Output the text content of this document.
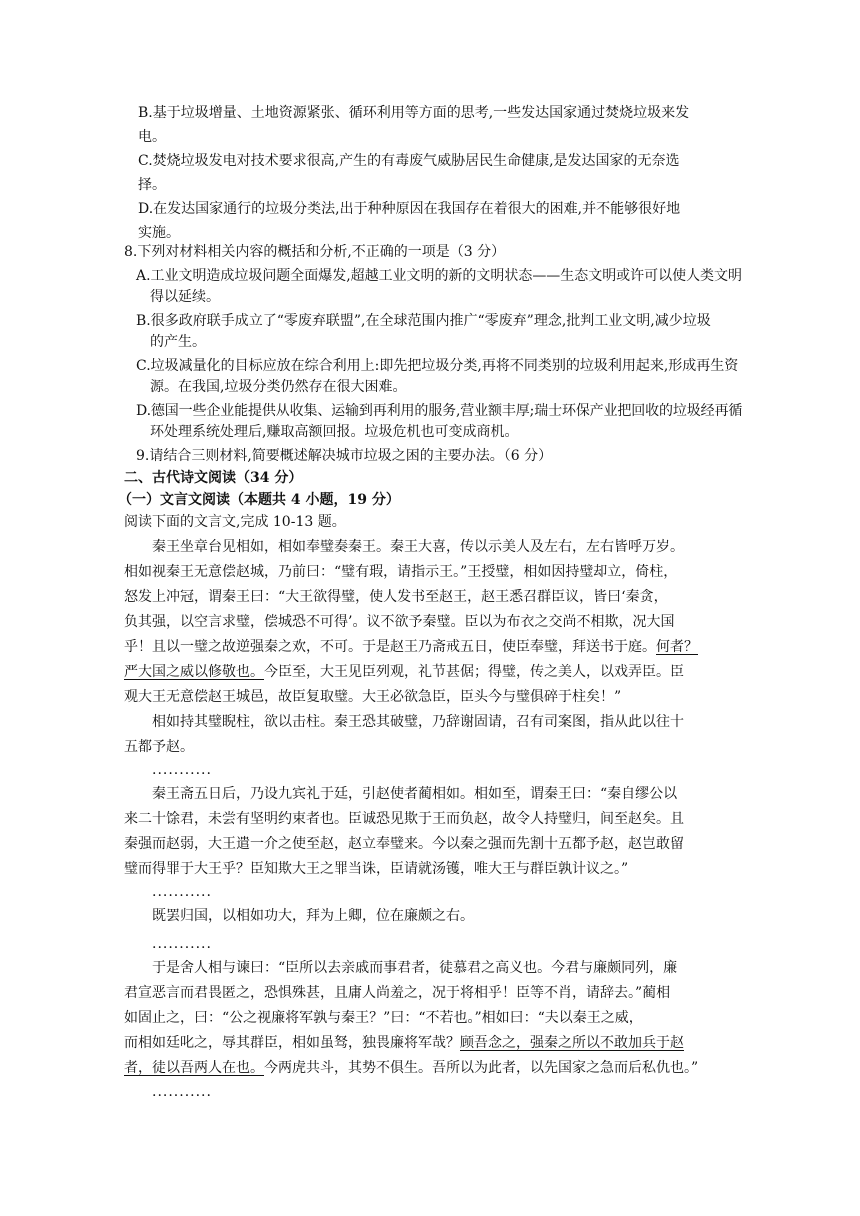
B.基于垃圾增量、土地资源紧张、循环利用等方面的思考,一些发达国家通过焚烧垃圾来发
电。
C.焚烧垃圾发电对技术要求很高,产生的有毒废气威胁居民生命健康,是发达国家的无奈选
择。
D.在发达国家通行的垃圾分类法,出于种种原因在我国存在着很大的困难,并不能够很好地
实施。
8.下列对材料相关内容的概括和分析,不正确的一项是（3 分）
A.工业文明造成垃圾问题全面爆发,超越工业文明的新的文明状态——生态文明或许可以使人类文明
得以延续。
B.很多政府联手成立了“零废弃联盟”,在全球范围内推广“零废弃”理念,批判工业文明,减少垃圾
的产生。
C.垃圾减量化的目标应放在综合利用上:即先把垃圾分类,再将不同类别的垃圾利用起来,形成再生资
源。在我国,垃圾分类仍然存在很大困难。
D.德国一些企业能提供从收集、运输到再利用的服务,营业额丰厚;瑞士环保产业把回收的垃圾经再循
环处理系统处理后,赚取高额回报。垃圾危机也可变成商机。
9.请结合三则材料,简要概述解决城市垃圾之困的主要办法。（6 分）
二、古代诗文阅读（34 分）
（一）文言文阅读（本题共 4 小题，19 分）
阅读下面的文言文,完成 10-13 题。
秦王坐章台见相如，相如奉璧奏秦王。秦王大喜，传以示美人及左右，左右皆呼万岁。
相如视秦王无意偿赵城，乃前曰：“璧有瑕，请指示王。”王授璧，相如因持璧却立，倚柱，
怒发上冲冠，谓秦王曰：“大王欲得璧，使人发书至赵王，赵王悉召群臣议，皆曰‘秦贪，
负其强，以空言求璧，偿城恐不可得’。议不欲予秦璧。臣以为布衣之交尚不相欺，况大国
乎！且以一璧之故逆强秦之欢，不可。于是赵王乃斋戒五日，使臣奉璧，拜送书于庭。何者？
严大国之威以修敬也。今臣至，大王见臣列观，礼节甚倨；得璧，传之美人，以戏弄臣。臣
观大王无意偿赵王城邑，故臣复取璧。大王必欲急臣，臣头今与璧俱碎于柱矣！”
相如持其璧睨柱，欲以击柱。秦王恐其破璧，乃辞谢固请，召有司案图，指从此以往十
五都予赵。
...........
秦王斋五日后，乃设九宾礼于廷，引赵使者蔺相如。相如至，谓秦王曰：“秦自缪公以
来二十馀君，未尝有坚明约束者也。臣诚恐见欺于王而负赵，故令人持璧归，间至赵矣。且
秦强而赵弱，大王遣一介之使至赵，赵立奉璧来。今以秦之强而先割十五都予赵，赵岂敢留
璧而得罪于大王乎？臣知欺大王之罪当诛，臣请就汤镬，唯大王与群臣孰计议之。”
...........
既罢归国，以相如功大，拜为上卿，位在廉颇之右。
...........
于是舍人相与谏曰：“臣所以去亲戚而事君者，徒慕君之高义也。今君与廉颇同列，廉
君宣恶言而君畏匿之，恐惧殊甚，且庸人尚羞之，况于将相乎！臣等不肖，请辞去。”蔺相
如固止之，曰：“公之视廉将军孰与秦王？”曰：“不若也。”相如曰：“夫以秦王之威，
而相如廷叱之，辱其群臣，相如虽驽，独畏廉将军哉？顾吾念之，强秦之所以不敢加兵于赵
者，徒以吾两人在也。今两虎共斗，其势不俱生。吾所以为此者，以先国家之急而后私仇也。”
...........
